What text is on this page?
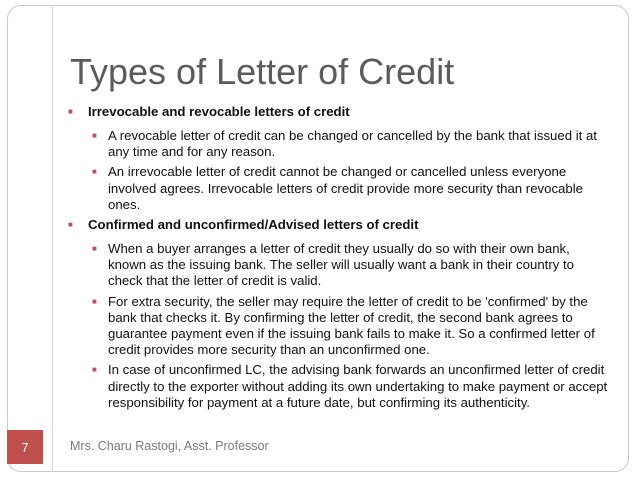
Types of Letter of Credit
■ Irrevocable and revocable letters of credit
■ A revocable letter of credit can be changed or cancelled by the bank that issued it at any time and for any reason.
■ An irrevocable letter of credit cannot be changed or cancelled unless everyone involved agrees. Irrevocable letters of credit provide more security than revocable ones.
■ Confirmed and unconfirmed/Advised letters of credit
■ When a buyer arranges a letter of credit they usually do so with their own bank, known as the issuing bank. The seller will usually want a bank in their country to check that the letter of credit is valid.
■ For extra security, the seller may require the letter of credit to be 'confirmed' by the bank that checks it. By confirming the letter of credit, the second bank agrees to guarantee payment even if the issuing bank fails to make it. So a confirmed letter of credit provides more security than an unconfirmed one.
■ In case of unconfirmed LC, the advising bank forwards an unconfirmed letter of credit directly to the exporter without adding its own undertaking to make payment or accept responsibility for payment at a future date, but confirming its authenticity.
7	Mrs. Charu Rastogi, Asst. Professor
